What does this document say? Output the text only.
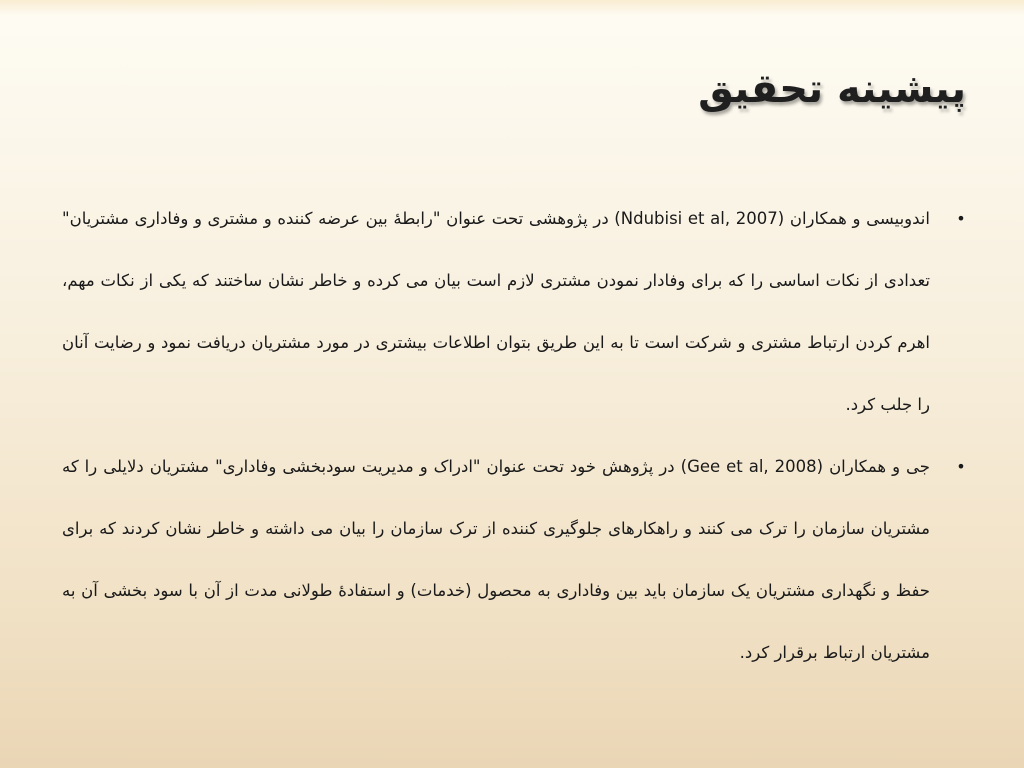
پیشینه تحقیق

•
اندوبیسی و همکاران (Ndubisi et al, 2007) در پژوهشی تحت عنوان "رابطۀ بین عرضه کننده و مشتری و وفاداری مشتریان" تعدادی از نکات اساسی را که برای وفادار نمودن مشتری لازم است بیان می کرده و خاطر نشان ساختند که یکی از نکات مهم، اهرم کردن ارتباط مشتری و شرکت است تا به این طریق بتوان اطلاعات بیشتری در مورد مشتریان دریافت نمود و رضایت آنان را جلب کرد.

•
جی و همکاران (Gee et al, 2008) در پژوهش خود تحت عنوان "ادراک و مدیریت سودبخشی وفاداری" مشتریان دلایلی را که مشتریان سازمان را ترک می کنند و راهکارهای جلوگیری کننده از ترک سازمان را بیان می داشته و خاطر نشان کردند که برای حفظ و نگهداری مشتریان یک سازمان باید بین وفاداری به محصول (خدمات) و استفادۀ طولانی مدت از آن با سود بخشی آن به مشتریان ارتباط برقرار کرد.
